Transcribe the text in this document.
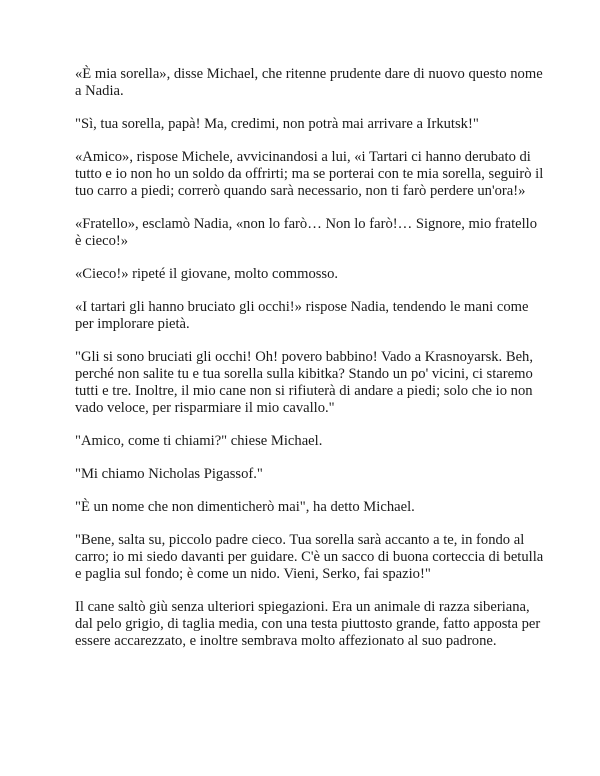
«È mia sorella», disse Michael, che ritenne prudente dare di nuovo questo nome a Nadia.

"Sì, tua sorella, papà! Ma, credimi, non potrà mai arrivare a Irkutsk!"

«Amico», rispose Michele, avvicinandosi a lui, «i Tartari ci hanno derubato di tutto e io non ho un soldo da offrirti; ma se porterai con te mia sorella, seguirò il tuo carro a piedi; correrò quando sarà necessario, non ti farò perdere un'ora!»

«Fratello», esclamò Nadia, «non lo farò… Non lo farò!… Signore, mio fratello è cieco!»

«Cieco!» ripeté il giovane, molto commosso.

«I tartari gli hanno bruciato gli occhi!» rispose Nadia, tendendo le mani come per implorare pietà.

"Gli si sono bruciati gli occhi! Oh! povero babbino! Vado a Krasnoyarsk. Beh, perché non salite tu e tua sorella sulla kibitka? Stando un po' vicini, ci staremo tutti e tre. Inoltre, il mio cane non si rifiuterà di andare a piedi; solo che io non vado veloce, per risparmiare il mio cavallo."

"Amico, come ti chiami?" chiese Michael.

"Mi chiamo Nicholas Pigassof."

"È un nome che non dimenticherò mai", ha detto Michael.

"Bene, salta su, piccolo padre cieco. Tua sorella sarà accanto a te, in fondo al carro; io mi siedo davanti per guidare. C'è un sacco di buona corteccia di betulla e paglia sul fondo; è come un nido. Vieni, Serko, fai spazio!"

Il cane saltò giù senza ulteriori spiegazioni. Era un animale di razza siberiana, dal pelo grigio, di taglia media, con una testa piuttosto grande, fatto apposta per essere accarezzato, e inoltre sembrava molto affezionato al suo padrone.
